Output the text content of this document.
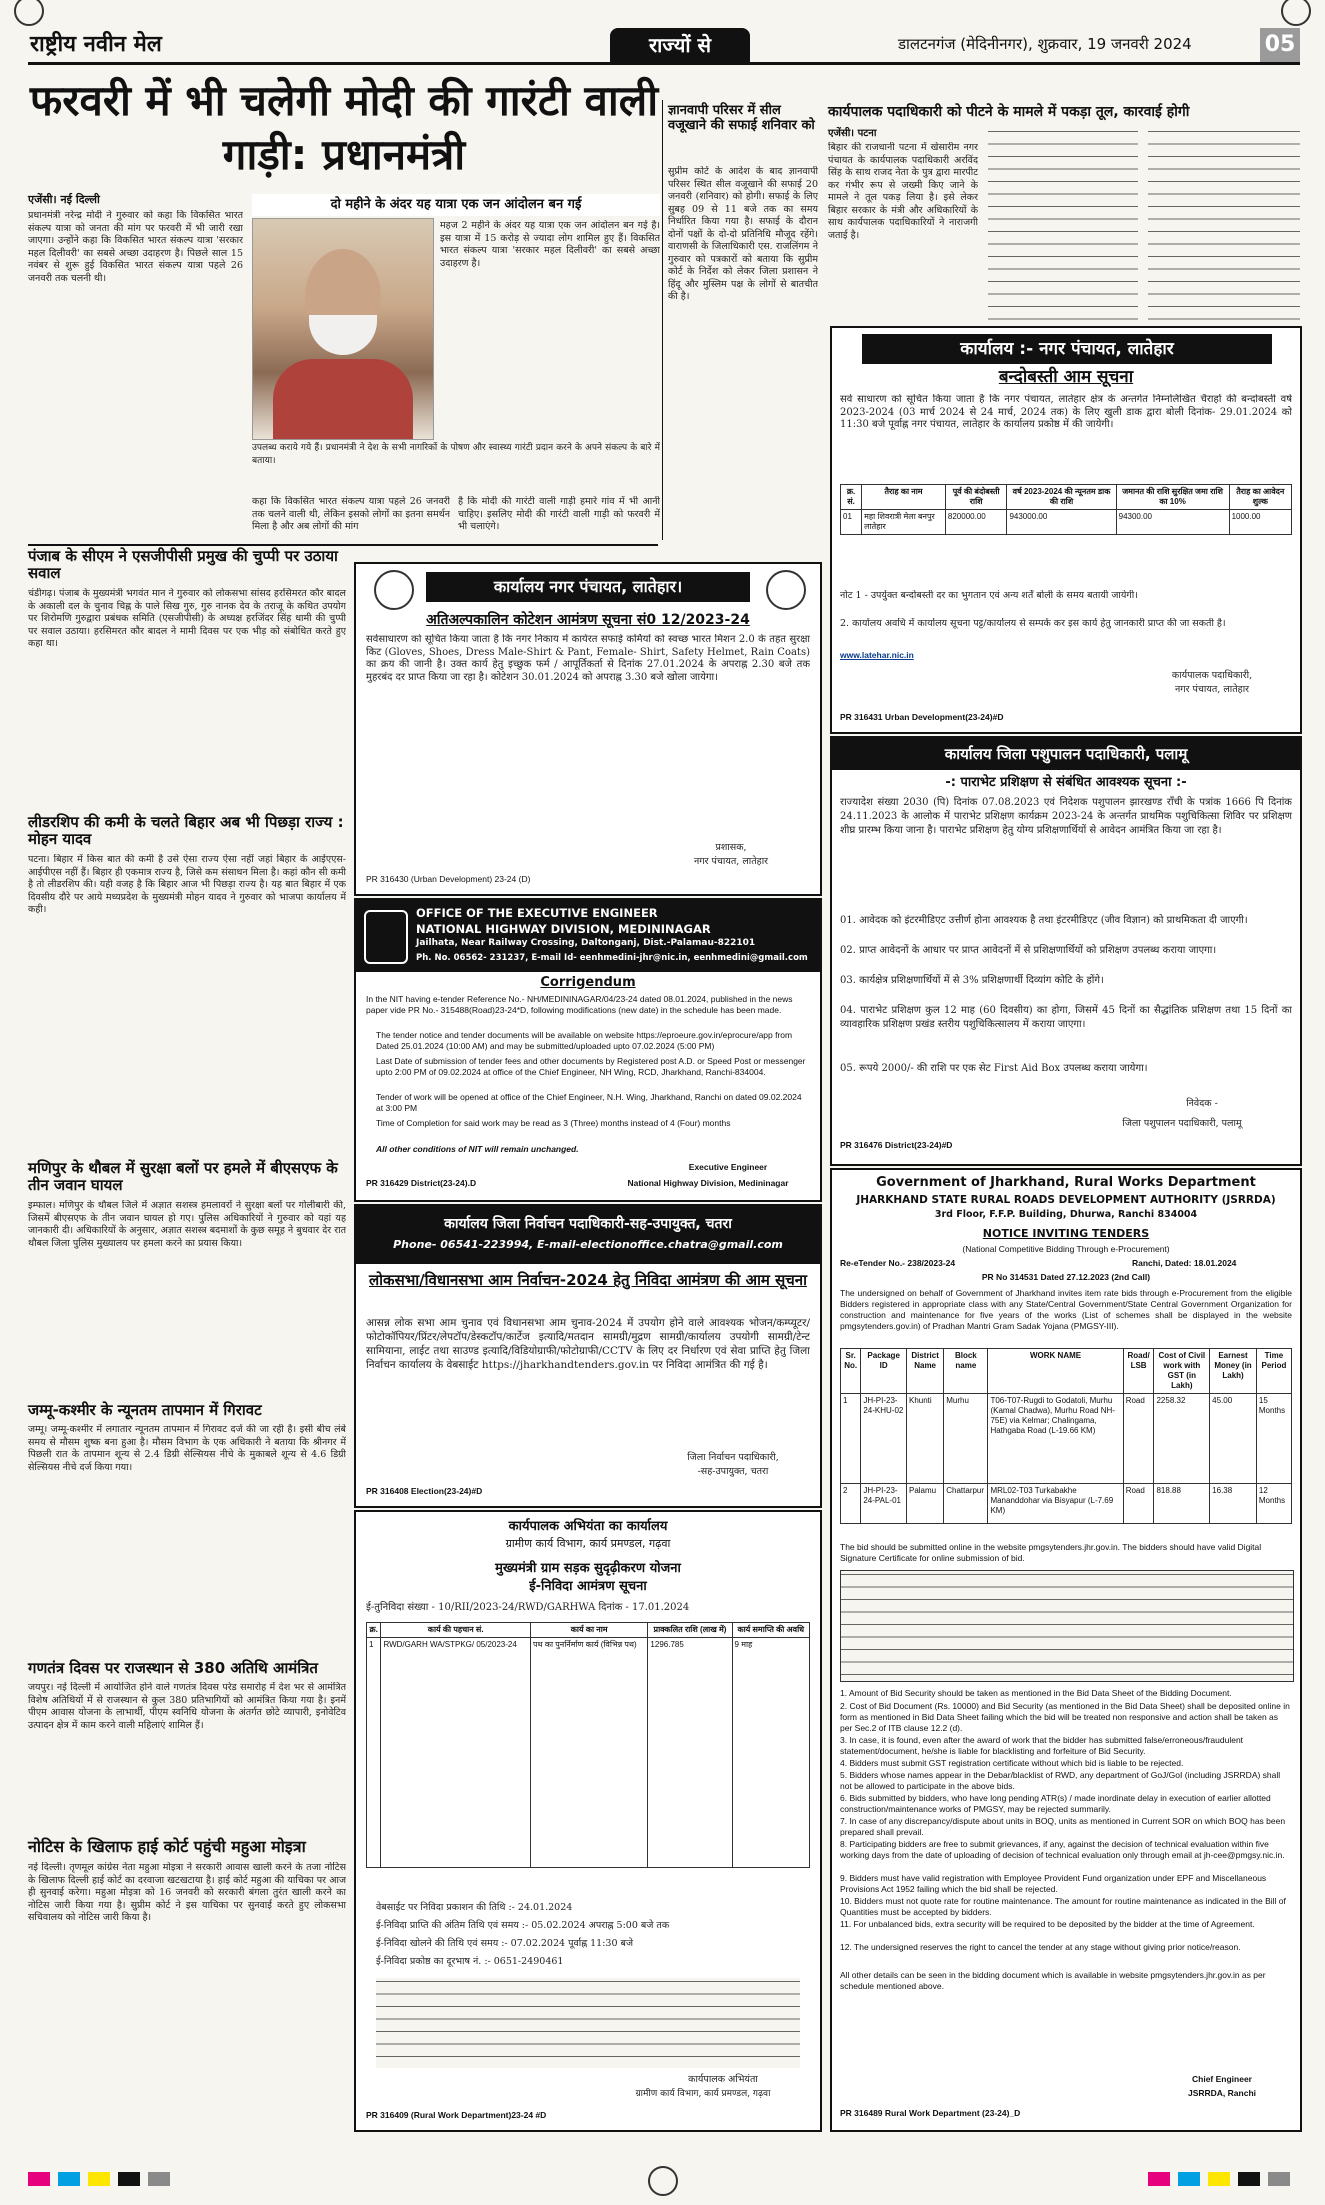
राष्ट्रीय नवीन मेल	राज्यों से	डालटनगंज (मेदिनीनगर), शुक्रवार, 19 जनवरी 2024	05
फरवरी में भी चलेगी मोदी की गारंटी वाली गाड़ी: प्रधानमंत्री
एजेंसी। नई दिल्ली
प्रधानमंत्री नरेन्द्र मोदी ने गुरुवार को कहा कि विकसित भारत संकल्प यात्रा को जनता की मांग पर फरवरी में भी जारी रखा जाएगा। उन्होंने कहा कि विकसित भारत संकल्प यात्रा 'सरकार महल दिलीवरी' का सबसे अच्छा उदाहरण है। पिछले साल 15 नवंबर से शुरू हुई विकसित भारत संकल्प यात्रा पहले 26 जनवरी तक चलनी थी।
दो महीने के अंदर यह यात्रा एक जन आंदोलन बन गई
महज 2 महीने के अंदर यह यात्रा एक जन आंदोलन बन गई है। इस यात्रा में 15 करोड़ से ज्यादा लोग शामिल हुए हैं। विकसित भारत संकल्प यात्रा 'सरकार महल दिलीवरी' का सबसे अच्छा उदाहरण है।
उपलब्ध कराये गये हैं। प्रधानमंत्री ने देश के सभी नागरिकों के पोषण और स्वास्थ्य गारंटी प्रदान करने के अपने संकल्प के बारे में बताया।
कहा कि विकसित भारत संकल्प यात्रा पहले 26 जनवरी तक चलने वाली थी, लेकिन इसको लोगों का इतना समर्थन मिला है और अब लोगों की मांग
है कि मोदी की गारंटी वाली गाड़ी हमारे गांव में भी आनी चाहिए। इसलिए मोदी की गारंटी वाली गाड़ी को फरवरी में भी चलाएंगे।
ज्ञानवापी परिसर में सील वजूखाने की सफाई शनिवार को
सुप्रीम कोर्ट के आदेश के बाद ज्ञानवापी परिसर स्थित सील वजूखाने की सफाई 20 जनवरी (शनिवार) को होगी। सफाई के लिए सुबह 09 से 11 बजे तक का समय निर्धारित किया गया है। सफाई के दौरान दोनों पक्षों के दो-दो प्रतिनिधि मौजूद रहेंगे। वाराणसी के जिलाधिकारी एस. राजलिंगम ने गुरुवार को पत्रकारों को बताया कि सुप्रीम कोर्ट के निर्देश को लेकर जिला प्रशासन ने हिंदू और मुस्लिम पक्ष के लोगों से बातचीत की है।
कार्यपालक पदाधिकारी को पीटने के मामले में पकड़ा तूल, कारवाई होगी
एजेंसी। पटना
बिहार की राजधानी पटना में खेसारीम नगर पंचायत के कार्यपालक पदाधिकारी अरविंद सिंह के साथ राजद नेता के पुत्र द्वारा मारपीट कर गंभीर रूप से जख्मी किए जाने के मामले ने तूल पकड़ लिया है। इसे लेकर बिहार सरकार के मंत्री और अधिकारियों के साथ कार्यपालक पदाधिकारियों ने नाराजगी जताई है।
कार्यालय :- नगर पंचायत, लातेहार
बन्दोबस्ती आम सूचना
सर्व साधारण को सूचित किया जाता है कि नगर पंचायत, लातेहार क्षेत्र के अन्तर्गत निम्नलिखित चैराहों की बन्दोबस्ती वर्ष 2023-2024 (03 मार्च 2024 से 24 मार्च, 2024 तक) के लिए खुली डाक द्वारा बोली दिनांक- 29.01.2024 को 11:30 बजे पूर्वाह्न नगर पंचायत, लातेहार के कार्यालय प्रकोष्ठ में की जायेगी।
क्र. सं.	तैराह का नाम	पूर्व की बंदोबस्ती राशि	वर्ष 2023-2024 की न्यूनतम डाक की राशि	जमानत की राशि सुरक्षित जमा राशि का 10%	तैराह का आवेदन शुल्क
01	महा शिवरात्री मेला बनपुर लातेहार	820000.00	943000.00	94300.00	1000.00
नोट 1 - उपर्युक्त बन्दोबस्ती दर का भुगतान एवं अन्य शर्तें बोली के समय बतायी जायेगी।
2. कार्यालय अवधि में कार्यालय सूचना पट्ट/कार्यालय से सम्पर्क कर इस कार्य हेतु जानकारी प्राप्त की जा सकती है।
www.latehar.nic.in
कार्यपालक पदाधिकारी,
नगर पंचायत, लातेहार
PR 316431 Urban Development(23-24)#D
पंजाब के सीएम ने एसजीपीसी प्रमुख की चुप्पी पर उठाया सवाल
चंडीगढ़। पंजाब के मुख्यमंत्री भगवंत मान ने गुरुवार को लोकसभा सांसद हरसिमरत कौर बादल के अकाली दल के चुनाव चिह्न के पाले सिख गुरु, गुरु नानक देव के तराजू के कथित उपयोग पर शिरोमणि गुरुद्वारा प्रबंधक समिति (एसजीपीसी) के अध्यक्ष हरजिंदर सिंह धामी की चुप्पी पर सवाल उठाया। हरसिमरत कौर बादल ने मामी दिवस पर एक भीड़ को संबोधित करते हुए कहा था।
लीडरशिप की कमी के चलते बिहार अब भी पिछड़ा राज्य : मोहन यादव
पटना। बिहार में किस बात की कमी है उसे ऐसा राज्य ऐसा नहीं जहां बिहार के आईएएस-आईपीएस नहीं हैं। बिहार ही एकमात्र राज्य है, जिसे कम संसाधन मिला है। कहां कौन सी कमी है तो लीडरशिप की। यही वजह है कि बिहार आज भी पिछड़ा राज्य है। यह बात बिहार में एक दिवसीय दौरे पर आये मध्यप्रदेश के मुख्यमंत्री मोहन यादव ने गुरुवार को भाजपा कार्यालय में कही।
मणिपुर के थौबल में सुरक्षा बलों पर हमले में बीएसएफ के तीन जवान घायल
इम्फाल। मणिपुर के थौबल जिले में अज्ञात सशस्त्र हमलावरों ने सुरक्षा बलों पर गोलीबारी की, जिसमें बीएसएफ के तीन जवान घायल हो गए। पुलिस अधिकारियों ने गुरुवार को यहां यह जानकारी दी। अधिकारियों के अनुसार, अज्ञात सशस्त्र बदमाशों के कुछ समूह ने बुधवार देर रात थौबल जिला पुलिस मुख्यालय पर हमला करने का प्रयास किया।
जम्मू-कश्मीर के न्यूनतम तापमान में गिरावट
जम्मू। जम्मू-कश्मीर में लगातार न्यूनतम तापमान में गिरावट दर्ज की जा रही है। इसी बीच लंबे समय से मौसम शुष्क बना हुआ है। मौसम विभाग के एक अधिकारी ने बताया कि श्रीनगर में पिछली रात के तापमान शून्य से 2.4 डिग्री सेल्सियस नीचे के मुकाबले शून्य से 4.6 डिग्री सेल्सियस नीचे दर्ज किया गया।
गणतंत्र दिवस पर राजस्थान से 380 अतिथि आमंत्रित
जयपुर। नई दिल्ली में आयोजित होने वाले गणतंत्र दिवस परेड समारोह में देश भर से आमंत्रित विशेष अतिथियों में से राजस्थान से कुल 380 प्रतिभागियों को आमंत्रित किया गया है। इनमें पीएम आवास योजना के लाभार्थी, पीएम स्वनिधि योजना के अंतर्गत छोटे व्यापारी, इनोवेटिव उत्पादन क्षेत्र में काम करने वाली महिलाएं शामिल हैं।
नोटिस के खिलाफ हाई कोर्ट पहुंची महुआ मोइत्रा
नई दिल्ली। तृणमूल कांग्रेस नेता महुआ मोइत्रा ने सरकारी आवास खाली करने के तजा नोटिस के खिलाफ दिल्ली हाई कोर्ट का दरवाजा खटखटाया है। हाई कोर्ट महुआ की याचिका पर आज ही सुनवाई करेगा। महुआ मोइत्रा को 16 जनवरी को सरकारी बंगला तुरंत खाली करने का नोटिस जारी किया गया है। सुप्रीम कोर्ट ने इस याचिका पर सुनवाई करते हुए लोकसभा सचिवालय को नोटिस जारी किया है।
कार्यालय नगर पंचायत, लातेहार।
अतिअल्पकालिन कोटेशन आमंत्रण सूचना सं0 12/2023-24
सर्वसाधारण को सूचित किया जाता है कि नगर निकाय में कार्यरत सफाई कर्मियों को स्वच्छ भारत मिशन 2.0 के तहत सुरक्षा किट (Gloves, Shoes, Dress Male-Shirt & Pant, Female- Shirt, Safety Helmet, Rain Coats) का क्रय की जानी है। उक्त कार्य हेतु इच्छुक फर्म / आपूर्तिकर्ता से दिनांक 27.01.2024 के अपराह्न 2.30 बजे तक मुहरबंद दर प्राप्त किया जा रहा है। कोटेशन 30.01.2024 को अपराह्न 3.30 बजे खोला जायेगा।
प्रशासक,
नगर पंचायत, लातेहार
PR 316430 (Urban Development) 23-24 (D)
OFFICE OF THE EXECUTIVE ENGINEER
NATIONAL HIGHWAY DIVISION, MEDININAGAR
Jailhata, Near Railway Crossing, Daltonganj, Dist.-Palamau-822101
Ph. No. 06562- 231237, E-mail Id- eenhmedini-jhr@nic.in, eenhmedini@gmail.com
Corrigendum
In the NIT having e-tender Reference No.- NH/MEDININAGAR/04/23-24 dated 08.01.2024, published in the news paper vide PR No.- 315488(Road)23-24*D, following modifications (new date) in the schedule has been made.
The tender notice and tender documents will be available on website https://eproeure.gov.in/eprocure/app from Dated 25.01.2024 (10:00 AM) and may be submitted/uploaded upto 07.02.2024 (5:00 PM)
Last Date of submission of tender fees and other documents by Registered post A.D. or Speed Post or messenger upto 2:00 PM of 09.02.2024 at office of the Chief Engineer, NH Wing, RCD, Jharkhand, Ranchi-834004.
Tender of work will be opened at office of the Chief Engineer, N.H. Wing, Jharkhand, Ranchi on dated 09.02.2024 at 3:00 PM
Time of Completion for said work may be read as 3 (Three) months instead of 4 (Four) months
All other conditions of NIT will remain unchanged.
Executive Engineer
National Highway Division, Medininagar
PR 316429 District(23-24).D
कार्यालय जिला निर्वाचन पदाधिकारी-सह-उपायुक्त, चतरा
Phone- 06541-223994, E-mail-electionoffice.chatra@gmail.com
लोकसभा/विधानसभा आम निर्वाचन-2024 हेतु निविदा आमंत्रण की आम सूचना
आसन्न लोक सभा आम चुनाव एवं विधानसभा आम चुनाव-2024 में उपयोग होने वाले आवश्यक भोजन/कम्प्यूटर/फोटोकॉपियर/प्रिंटर/लेपटॉप/डेस्कटॉप/कार्टेज इत्यादि/मतदान सामग्री/मुद्रण सामग्री/कार्यालय उपयोगी सामग्री/टेन्ट सामियाना, लाईट तथा साउण्ड इत्यादि/विडियोग्राफी/फोटोग्राफी/CCTV के लिए दर निर्धारण एवं सेवा प्राप्ति हेतु जिला निर्वाचन कार्यालय के वेबसाईट https://jharkhandtenders.gov.in पर निविदा आमंत्रित की गई है।
जिला निर्वाचन पदाधिकारी,
-सह-उपायुक्त, चतरा
PR 316408 Election(23-24)#D
कार्यपालक अभियंता का कार्यालय
ग्रामीण कार्य विभाग, कार्य प्रमण्डल, गढ़वा
मुख्यमंत्री ग्राम सड़क सुदृढ़ीकरण योजना
ई-निविदा आमंत्रण सूचना
ई-तुनिविदा संख्या - 10/RII/2023-24/RWD/GARHWA दिनांक - 17.01.2024
क्र.	कार्य की पहचान सं.	कार्य का नाम	प्राक्कलित राशि (लाख में)	कार्य समाप्ति की अवधि
1	RWD/GARH WA/STPKG/ 05/2023-24	पथ का पुनर्निर्माण कार्य (विभिन्न पथ)	1296.785	9 माह
वेबसाईट पर निविदा प्रकाशन की तिथि :- 24.01.2024
ई-निविदा प्राप्ति की अंतिम तिथि एवं समय :- 05.02.2024 अपराह्न 5:00 बजे तक
ई-निविदा खोलने की तिथि एवं समय :- 07.02.2024 पूर्वाह्न 11:30 बजे
ई-निविदा प्रकोष्ठ का दूरभाष नं. :- 0651-2490461
कार्यपालक अभियंता
ग्रामीण कार्य विभाग, कार्य प्रमण्डल, गढ़वा
PR 316409 (Rural Work Department)23-24 #D
कार्यालय जिला पशुपालन पदाधिकारी, पलामू
-: पाराभेट प्रशिक्षण से संबंधित आवश्यक सूचना :-
राज्यादेश संख्या 2030 (पि) दिनांक 07.08.2023 एवं निदेशक पशुपालन झारखण्ड राँची के पत्रांक 1666 पि दिनांक 24.11.2023 के आलोक में पाराभेट प्रशिक्षण कार्यक्रम 2023-24 के अन्तर्गत प्राथमिक पशुचिकित्सा शिविर पर प्रशिक्षण शीघ्र प्रारम्भ किया जाना है। पाराभेट प्रशिक्षण हेतु योग्य प्रशिक्षणार्थियों से आवेदन आमंत्रित किया जा रहा है।
01. आवेदक को इंटरमीडिएट उत्तीर्ण होना आवश्यक है तथा इंटरमीडिएट (जीव विज्ञान) को प्राथमिकता दी जाएगी।
02. प्राप्त आवेदनों के आधार पर प्राप्त आवेदनों में से प्रशिक्षणार्थियों को प्रशिक्षण उपलब्ध कराया जाएगा।
03. कार्यक्षेत्र प्रशिक्षणार्थियों में से 3% प्रशिक्षणार्थी दिव्यांग कोटि के होंगे।
04. पाराभेट प्रशिक्षण कुल 12 माह (60 दिवसीय) का होगा, जिसमें 45 दिनों का सैद्धांतिक प्रशिक्षण तथा 15 दिनों का व्यावहारिक प्रशिक्षण प्रखंड स्तरीय पशुचिकित्सालय में कराया जाएगा।
05. रूपये 2000/- की राशि पर एक सेट First Aid Box उपलब्ध कराया जायेगा।
निवेदक -
जिला पशुपालन पदाधिकारी, पलामू
PR 316476 District(23-24)#D
Government of Jharkhand, Rural Works Department
JHARKHAND STATE RURAL ROADS DEVELOPMENT AUTHORITY (JSRRDA)
3rd Floor, F.F.P. Building, Dhurwa, Ranchi 834004
NOTICE INVITING TENDERS
(National Competitive Bidding Through e-Procurement)
Re-eTender No.- 238/2023-24	Ranchi, Dated: 18.01.2024
PR No 314531 Dated 27.12.2023 (2nd Call)
The undersigned on behalf of Government of Jharkhand invites item rate bids through e-Procurement from the eligible Bidders registered in appropriate class with any State/Central Government/State Central Government Organization for construction and maintenance for five years of the works (List of schemes shall be displayed in the website pmgsytenders.gov.in) of Pradhan Mantri Gram Sadak Yojana (PMGSY-III).
Sr. No.	Package ID	District Name	Block name	WORK NAME	Road/ LSB	Cost of Civil work with GST (in Lakh)	Earnest Money (in Lakh)	Time Period
1	JH-PI-23-24-KHU-02	Khunti	Murhu	T06-T07-Rugdi to Godatoli, Murhu (Kamal Chadwa), Murhu Road NH-75E) via Kelmar; Chalingama, Hathgaba Road (L-19.66 KM)	Road	2258.32	45.00	15 Months
2	JH-PI-23-24-PAL-01	Palamu	Chattarpur	MRL02-T03 Turkabakhe Mananddohar via Bisyapur (L-7.69 KM)	Road	818.88	16.38	12 Months
The bid should be submitted online in the website pmgsytenders.jhr.gov.in. The bidders should have valid Digital Signature Certificate for online submission of bid.
1. Amount of Bid Security should be taken as mentioned in the Bid Data Sheet of the Bidding Document.
2. Cost of Bid Document (Rs. 10000) and Bid Security (as mentioned in the Bid Data Sheet) shall be deposited online in form as mentioned in Bid Data Sheet failing which the bid will be treated non responsive and action shall be taken as per Sec.2 of ITB clause 12.2 (d).
3. In case, it is found, even after the award of work that the bidder has submitted false/erroneous/fraudulent statement/document, he/she is liable for blacklisting and forfeiture of Bid Security.
4. Bidders must submit GST registration certificate without which bid is liable to be rejected.
5. Bidders whose names appear in the Debar/blacklist of RWD, any department of GoJ/GoI (including JSRRDA) shall not be allowed to participate in the above bids.
6. Bids submitted by bidders, who have long pending ATR(s) / made inordinate delay in execution of earlier allotted construction/maintenance works of PMGSY, may be rejected summarily.
7. In case of any discrepancy/dispute about units in BOQ, units as mentioned in Current SOR on which BOQ has been prepared shall prevail.
8. Participating bidders are free to submit grievances, if any, against the decision of technical evaluation within five working days from the date of uploading of decision of technical evaluation only through email at jh-cee@pmgsy.nic.in.
9. Bidders must have valid registration with Employee Provident Fund organization under EPF and Miscellaneous Provisions Act 1952 failing which the bid shall be rejected.
10. Bidders must not quote rate for routine maintenance. The amount for routine maintenance as indicated in the Bill of Quantities must be accepted by bidders.
11. For unbalanced bids, extra security will be required to be deposited by the bidder at the time of Agreement.
12. The undersigned reserves the right to cancel the tender at any stage without giving prior notice/reason.
All other details can be seen in the bidding document which is available in website pmgsytenders.jhr.gov.in as per schedule mentioned above.
Chief Engineer
JSRRDA, Ranchi
PR 316489 Rural Work Department (23-24)_D
